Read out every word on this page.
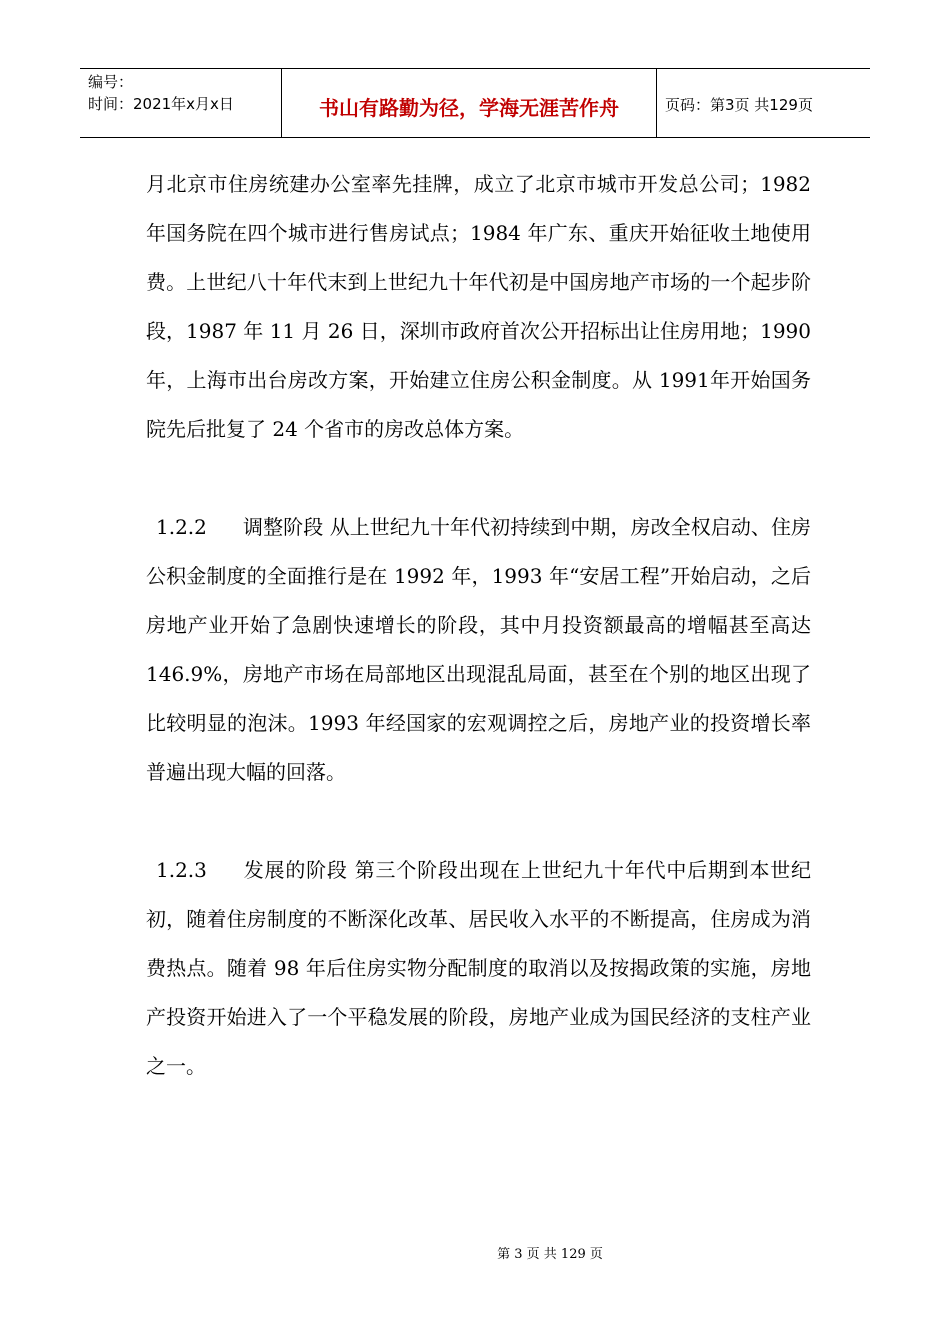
编号：
时间：2021年x月x日	书山有路勤为径，学海无涯苦作舟	页码：第3页 共129页

月北京市住房统建办公室率先挂牌，成立了北京市城市开发总公司；1982 年国务院在四个城市进行售房试点；1984 年广东、重庆开始征收土地使用费。上世纪八十年代末到上世纪九十年代初是中国房地产市场的一个起步阶段，1987 年 11 月 26 日，深圳市政府首次公开招标出让住房用地；1990 年，上海市出台房改方案，开始建立住房公积金制度。从 1991年开始国务院先后批复了 24 个省市的房改总体方案。

1.2.2 调整阶段 从上世纪九十年代初持续到中期，房改全权启动、住房公积金制度的全面推行是在 1992 年，1993 年“安居工程”开始启动，之后房地产业开始了急剧快速增长的阶段，其中月投资额最高的增幅甚至高达 146.9%，房地产市场在局部地区出现混乱局面，甚至在个别的地区出现了比较明显的泡沫。1993 年经国家的宏观调控之后，房地产业的投资增长率普遍出现大幅的回落。

1.2.3 发展的阶段 第三个阶段出现在上世纪九十年代中后期到本世纪初，随着住房制度的不断深化改革、居民收入水平的不断提高，住房成为消费热点。随着 98 年后住房实物分配制度的取消以及按揭政策的实施，房地产投资开始进入了一个平稳发展的阶段，房地产业成为国民经济的支柱产业之一。

第 3 页 共 129 页
